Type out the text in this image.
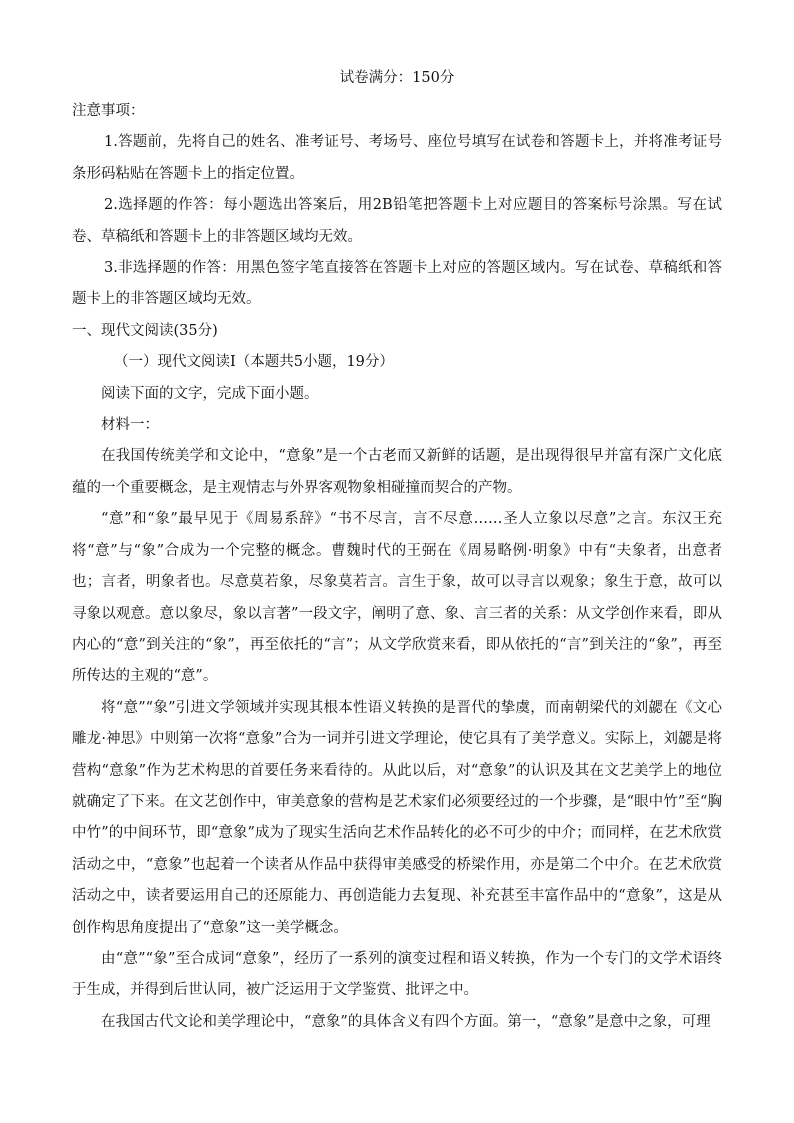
试卷满分：150分

注意事项：

1.答题前，先将自己的姓名、准考证号、考场号、座位号填写在试卷和答题卡上，并将准考证号条形码粘贴在答题卡上的指定位置。

2.选择题的作答：每小题选出答案后，用2B铅笔把答题卡上对应题目的答案标号涂黑。写在试卷、草稿纸和答题卡上的非答题区域均无效。

3.非选择题的作答：用黑色签字笔直接答在答题卡上对应的答题区域内。写在试卷、草稿纸和答题卡上的非答题区域均无效。

一、现代文阅读(35分)

（一）现代文阅读Ⅰ（本题共5小题，19分）

阅读下面的文字，完成下面小题。

材料一：

在我国传统美学和文论中，“意象”是一个古老而又新鲜的话题，是出现得很早并富有深广文化底蕴的一个重要概念，是主观情志与外界客观物象相碰撞而契合的产物。

“意”和“象”最早见于《周易系辞》“书不尽言，言不尽意……圣人立象以尽意”之言。东汉王充将“意”与“象”合成为一个完整的概念。曹魏时代的王弼在《周易略例·明象》中有“夫象者，出意者也；言者，明象者也。尽意莫若象，尽象莫若言。言生于象，故可以寻言以观象；象生于意，故可以寻象以观意。意以象尽，象以言著”一段文字，阐明了意、象、言三者的关系：从文学创作来看，即从内心的“意”到关注的“象”，再至依托的“言”；从文学欣赏来看，即从依托的“言”到关注的“象”，再至所传达的主观的“意”。

将“意”“象”引进文学领域并实现其根本性语义转换的是晋代的挚虞，而南朝梁代的刘勰在《文心雕龙·神思》中则第一次将“意象”合为一词并引进文学理论，使它具有了美学意义。实际上，刘勰是将营构“意象”作为艺术构思的首要任务来看待的。从此以后，对“意象”的认识及其在文艺美学上的地位就确定了下来。在文艺创作中，审美意象的营构是艺术家们必须要经过的一个步骤，是“眼中竹”至“胸中竹”的中间环节，即“意象”成为了现实生活向艺术作品转化的必不可少的中介；而同样，在艺术欣赏活动之中，“意象”也起着一个读者从作品中获得审美感受的桥梁作用，亦是第二个中介。在艺术欣赏活动之中，读者要运用自己的还原能力、再创造能力去复现、补充甚至丰富作品中的“意象”，这是从创作构思角度提出了“意象”这一美学概念。

由“意”“象”至合成词“意象”，经历了一系列的演变过程和语义转换，作为一个专门的文学术语终于生成，并得到后世认同，被广泛运用于文学鉴赏、批评之中。

在我国古代文论和美学理论中，“意象”的具体含义有四个方面。第一，“意象”是意中之象，可理
